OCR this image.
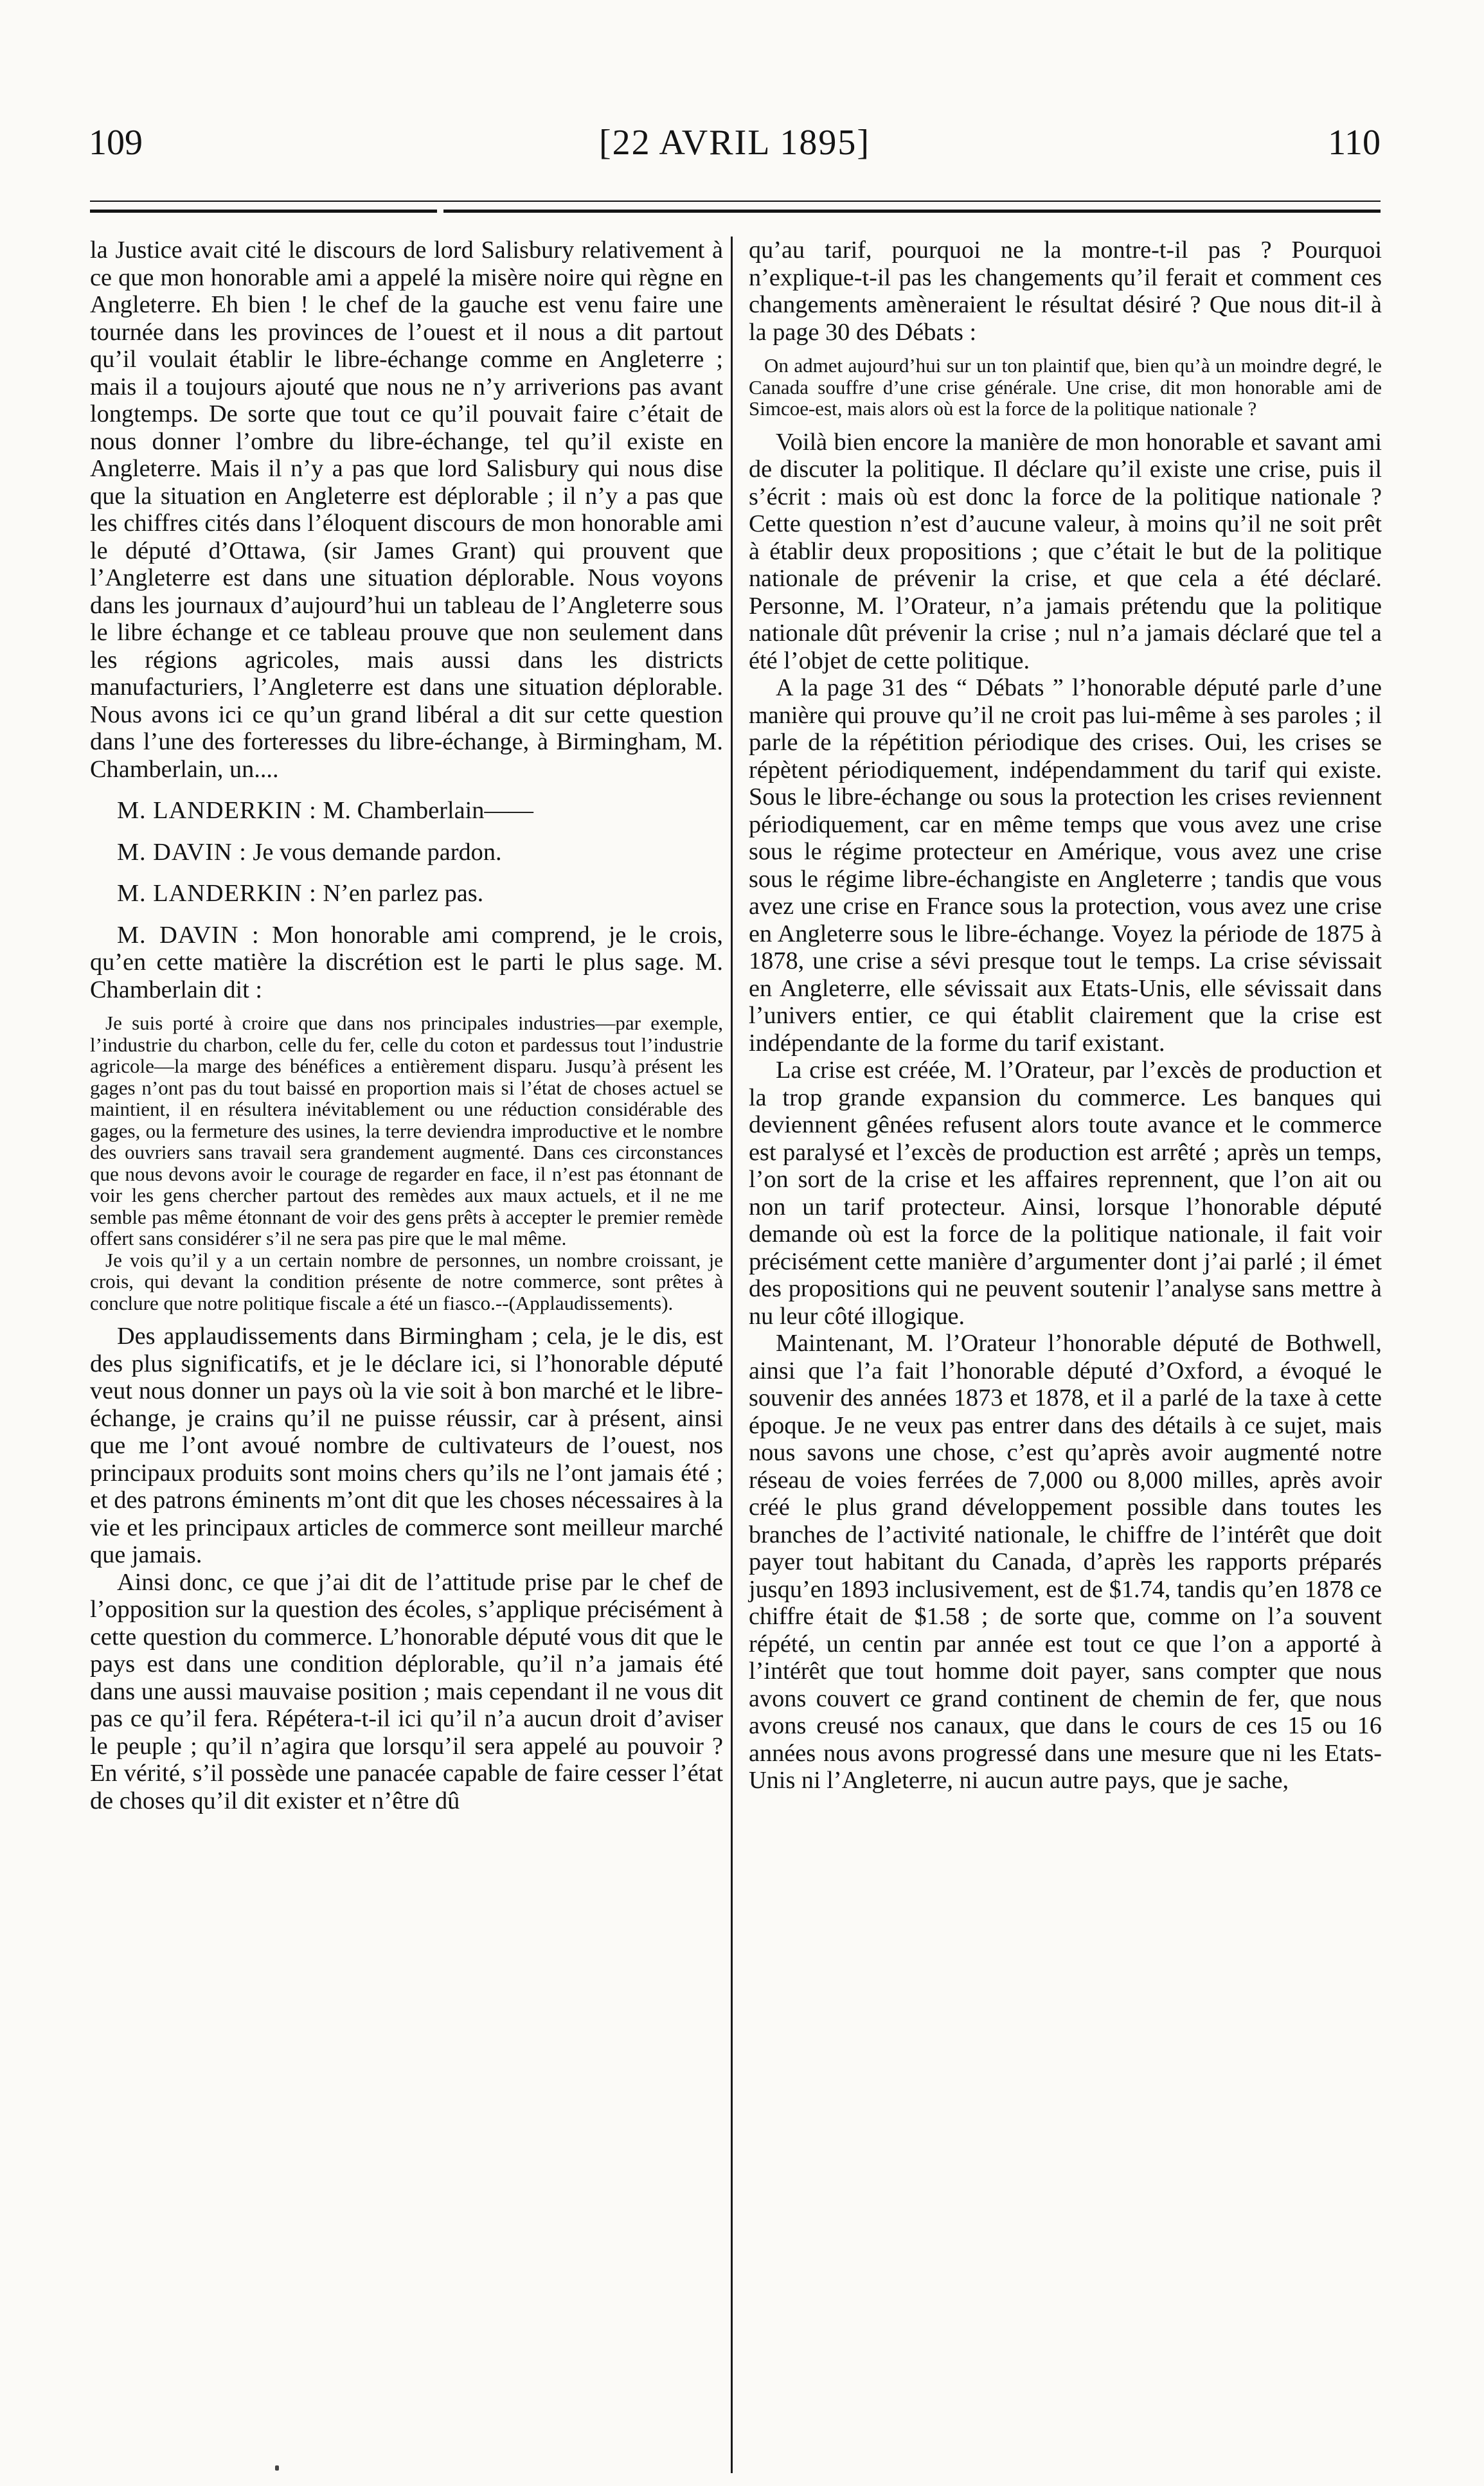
109	[22 AVRIL 1895]	110

la Justice avait cité le discours de lord Salisbury relativement à ce que mon honorable ami a appelé la misère noire qui règne en Angleterre. Eh bien ! le chef de la gauche est venu faire une tournée dans les provinces de l’ouest et il nous a dit partout qu’il voulait établir le libre-échange comme en Angleterre ; mais il a toujours ajouté que nous ne n’y arriverions pas avant longtemps. De sorte que tout ce qu’il pouvait faire c’était de nous donner l’ombre du libre-échange, tel qu’il existe en Angleterre. Mais il n’y a pas que lord Salisbury qui nous dise que la situation en Angleterre est déplorable ; il n’y a pas que les chiffres cités dans l’éloquent discours de mon honorable ami le député d’Ottawa, (sir James Grant) qui prouvent que l’Angleterre est dans une situation déplorable. Nous voyons dans les journaux d’aujourd’hui un tableau de l’Angleterre sous le libre échange et ce tableau prouve que non seulement dans les régions agricoles, mais aussi dans les districts manufacturiers, l’Angleterre est dans une situation déplorable. Nous avons ici ce qu’un grand libéral a dit sur cette question dans l’une des forteresses du libre-échange, à Birmingham, M. Chamberlain, un....

M. LANDERKIN : M. Chamberlain——

M. DAVIN : Je vous demande pardon.

M. LANDERKIN : N’en parlez pas.

M. DAVIN : Mon honorable ami comprend, je le crois, qu’en cette matière la discrétion est le parti le plus sage. M. Chamberlain dit :

Je suis porté à croire que dans nos principales industries—par exemple, l’industrie du charbon, celle du fer, celle du coton et pardessus tout l’industrie agricole—la marge des bénéfices a entièrement disparu. Jusqu’à présent les gages n’ont pas du tout baissé en proportion mais si l’état de choses actuel se maintient, il en résultera inévitablement ou une réduction considérable des gages, ou la fermeture des usines, la terre deviendra improductive et le nombre des ouvriers sans travail sera grandement augmenté. Dans ces circonstances que nous devons avoir le courage de regarder en face, il n’est pas étonnant de voir les gens chercher partout des remèdes aux maux actuels, et il ne me semble pas même étonnant de voir des gens prêts à accepter le premier remède offert sans considérer s’il ne sera pas pire que le mal même.

Je vois qu’il y a un certain nombre de personnes, un nombre croissant, je crois, qui devant la condition présente de notre commerce, sont prêtes à conclure que notre politique fiscale a été un fiasco.--(Applaudissements).

Des applaudissements dans Birmingham ; cela, je le dis, est des plus significatifs, et je le déclare ici, si l’honorable député veut nous donner un pays où la vie soit à bon marché et le libre-échange, je crains qu’il ne puisse réussir, car à présent, ainsi que me l’ont avoué nombre de cultivateurs de l’ouest, nos principaux produits sont moins chers qu’ils ne l’ont jamais été ; et des patrons éminents m’ont dit que les choses nécessaires à la vie et les principaux articles de commerce sont meilleur marché que jamais.

Ainsi donc, ce que j’ai dit de l’attitude prise par le chef de l’opposition sur la question des écoles, s’applique précisément à cette question du commerce. L’honorable député vous dit que le pays est dans une condition déplorable, qu’il n’a jamais été dans une aussi mauvaise position ; mais cependant il ne vous dit pas ce qu’il fera. Répétera-t-il ici qu’il n’a aucun droit d’aviser le peuple ; qu’il n’agira que lorsqu’il sera appelé au pouvoir ? En vérité, s’il possède une panacée capable de faire cesser l’état de choses qu’il dit exister et n’être dû

qu’au tarif, pourquoi ne la montre-t-il pas ? Pourquoi n’explique-t-il pas les changements qu’il ferait et comment ces changements amèneraient le résultat désiré ? Que nous dit-il à la page 30 des Débats :

On admet aujourd’hui sur un ton plaintif que, bien qu’à un moindre degré, le Canada souffre d’une crise générale. Une crise, dit mon honorable ami de Simcoe-est, mais alors où est la force de la politique nationale ?

Voilà bien encore la manière de mon honorable et savant ami de discuter la politique. Il déclare qu’il existe une crise, puis il s’écrit : mais où est donc la force de la politique nationale ? Cette question n’est d’aucune valeur, à moins qu’il ne soit prêt à établir deux propositions ; que c’était le but de la politique nationale de prévenir la crise, et que cela a été déclaré. Personne, M. l’Orateur, n’a jamais prétendu que la politique nationale dût prévenir la crise ; nul n’a jamais déclaré que tel a été l’objet de cette politique.

A la page 31 des “ Débats ” l’honorable député parle d’une manière qui prouve qu’il ne croit pas lui-même à ses paroles ; il parle de la répétition périodique des crises. Oui, les crises se répètent périodiquement, indépendamment du tarif qui existe. Sous le libre-échange ou sous la protection les crises reviennent périodiquement, car en même temps que vous avez une crise sous le régime protecteur en Amérique, vous avez une crise sous le régime libre-échangiste en Angleterre ; tandis que vous avez une crise en France sous la protection, vous avez une crise en Angleterre sous le libre-échange. Voyez la période de 1875 à 1878, une crise a sévi presque tout le temps. La crise sévissait en Angleterre, elle sévissait aux Etats-Unis, elle sévissait dans l’univers entier, ce qui établit clairement que la crise est indépendante de la forme du tarif existant.

La crise est créée, M. l’Orateur, par l’excès de production et la trop grande expansion du commerce. Les banques qui deviennent gênées refusent alors toute avance et le commerce est paralysé et l’excès de production est arrêté ; après un temps, l’on sort de la crise et les affaires reprennent, que l’on ait ou non un tarif protecteur. Ainsi, lorsque l’honorable député demande où est la force de la politique nationale, il fait voir précisément cette manière d’argumenter dont j’ai parlé ; il émet des propositions qui ne peuvent soutenir l’analyse sans mettre à nu leur côté illogique.

Maintenant, M. l’Orateur l’honorable député de Bothwell, ainsi que l’a fait l’honorable député d’Oxford, a évoqué le souvenir des années 1873 et 1878, et il a parlé de la taxe à cette époque. Je ne veux pas entrer dans des détails à ce sujet, mais nous savons une chose, c’est qu’après avoir augmenté notre réseau de voies ferrées de 7,000 ou 8,000 milles, après avoir créé le plus grand développement possible dans toutes les branches de l’activité nationale, le chiffre de l’intérêt que doit payer tout habitant du Canada, d’après les rapports préparés jusqu’en 1893 inclusivement, est de $1.74, tandis qu’en 1878 ce chiffre était de $1.58 ; de sorte que, comme on l’a souvent répété, un centin par année est tout ce que l’on a apporté à l’intérêt que tout homme doit payer, sans compter que nous avons couvert ce grand continent de chemin de fer, que nous avons creusé nos canaux, que dans le cours de ces 15 ou 16 années nous avons progressé dans une mesure que ni les Etats-Unis ni l’Angleterre, ni aucun autre pays, que je sache,
